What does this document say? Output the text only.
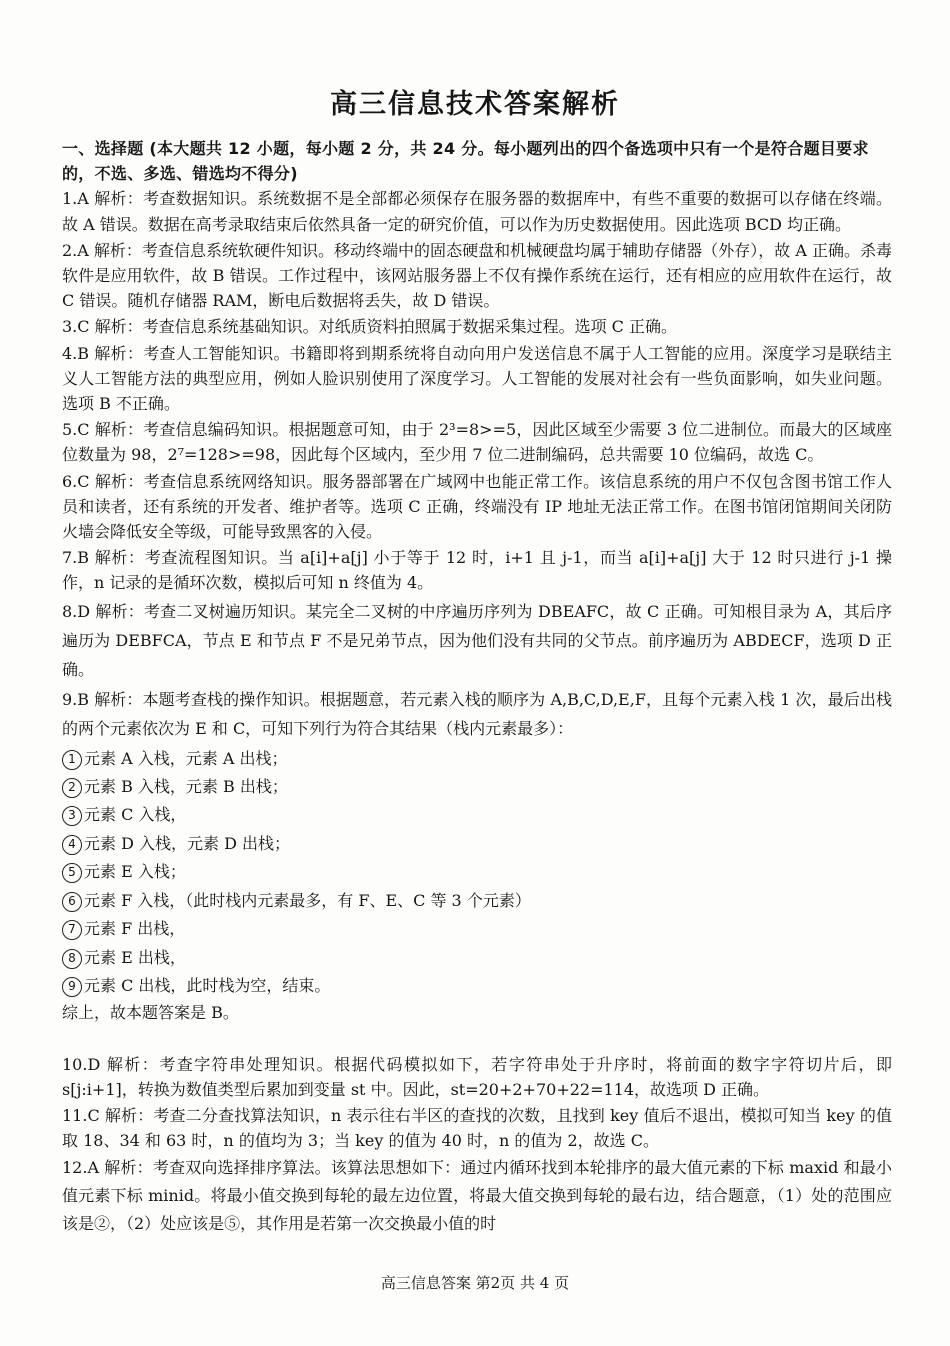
高三信息技术答案解析
一、选择题 (本大题共 12 小题，每小题 2 分，共 24 分。每小题列出的四个备选项中只有一个是符合题目要求的，不选、多选、错选均不得分)
1.A 解析：考查数据知识。系统数据不是全部都必须保存在服务器的数据库中，有些不重要的数据可以存储在终端。故 A 错误。数据在高考录取结束后依然具备一定的研究价值，可以作为历史数据使用。因此选项 BCD 均正确。
2.A 解析：考查信息系统软硬件知识。移动终端中的固态硬盘和机械硬盘均属于辅助存储器（外存），故 A 正确。杀毒软件是应用软件，故 B 错误。工作过程中，该网站服务器上不仅有操作系统在运行，还有相应的应用软件在运行，故 C 错误。随机存储器 RAM，断电后数据将丢失，故 D 错误。
3.C 解析：考查信息系统基础知识。对纸质资料拍照属于数据采集过程。选项 C 正确。
4.B 解析：考查人工智能知识。书籍即将到期系统将自动向用户发送信息不属于人工智能的应用。深度学习是联结主义人工智能方法的典型应用，例如人脸识别使用了深度学习。人工智能的发展对社会有一些负面影响，如失业问题。选项 B 不正确。
5.C 解析：考查信息编码知识。根据题意可知，由于 2³=8>=5，因此区域至少需要 3 位二进制位。而最大的区域座位数量为 98，2⁷=128>=98，因此每个区域内，至少用 7 位二进制编码，总共需要 10 位编码，故选 C。
6.C 解析：考查信息系统网络知识。服务器部署在广域网中也能正常工作。该信息系统的用户不仅包含图书馆工作人员和读者，还有系统的开发者、维护者等。选项 C 正确，终端没有 IP 地址无法正常工作。在图书馆闭馆期间关闭防火墙会降低安全等级，可能导致黑客的入侵。
7.B 解析：考查流程图知识。当 a[i]+a[j] 小于等于 12 时，i+1 且 j-1，而当 a[i]+a[j] 大于 12 时只进行 j-1 操作，n 记录的是循环次数，模拟后可知 n 终值为 4。
8.D 解析：考查二叉树遍历知识。某完全二叉树的中序遍历序列为 DBEAFC，故 C 正确。可知根目录为 A，其后序遍历为 DEBFCA，节点 E 和节点 F 不是兄弟节点，因为他们没有共同的父节点。前序遍历为 ABDECF，选项 D 正确。
9.B 解析：本题考查栈的操作知识。根据题意，若元素入栈的顺序为 A,B,C,D,E,F，且每个元素入栈 1 次，最后出栈的两个元素依次为 E 和 C，可知下列行为符合其结果（栈内元素最多）：
1 元素 A 入栈，元素 A 出栈；
2 元素 B 入栈，元素 B 出栈；
3 元素 C 入栈，
4 元素 D 入栈，元素 D 出栈；
5 元素 E 入栈；
6 元素 F 入栈，（此时栈内元素最多，有 F、E、C 等 3 个元素）
7 元素 F 出栈，
8 元素 E 出栈，
9 元素 C 出栈，此时栈为空，结束。
综上，故本题答案是 B。
10.D 解析：考查字符串处理知识。根据代码模拟如下，若字符串处于升序时，将前面的数字字符切片后，即 s[j:i+1]，转换为数值类型后累加到变量 st 中。因此，st=20+2+70+22=114，故选项 D 正确。
11.C 解析：考查二分查找算法知识，n 表示往右半区的查找的次数，且找到 key 值后不退出，模拟可知当 key 的值取 18、34 和 63 时，n 的值均为 3；当 key 的值为 40 时，n 的值为 2，故选 C。
12.A 解析：考查双向选择排序算法。该算法思想如下：通过内循环找到本轮排序的最大值元素的下标 maxid 和最小值元素下标 minid。将最小值交换到每轮的最左边位置，将最大值交换到每轮的最右边，结合题意，（1）处的范围应该是②，（2）处应该是⑤，其作用是若第一次交换最小值的时
高三信息答案 第2页 共 4 页
